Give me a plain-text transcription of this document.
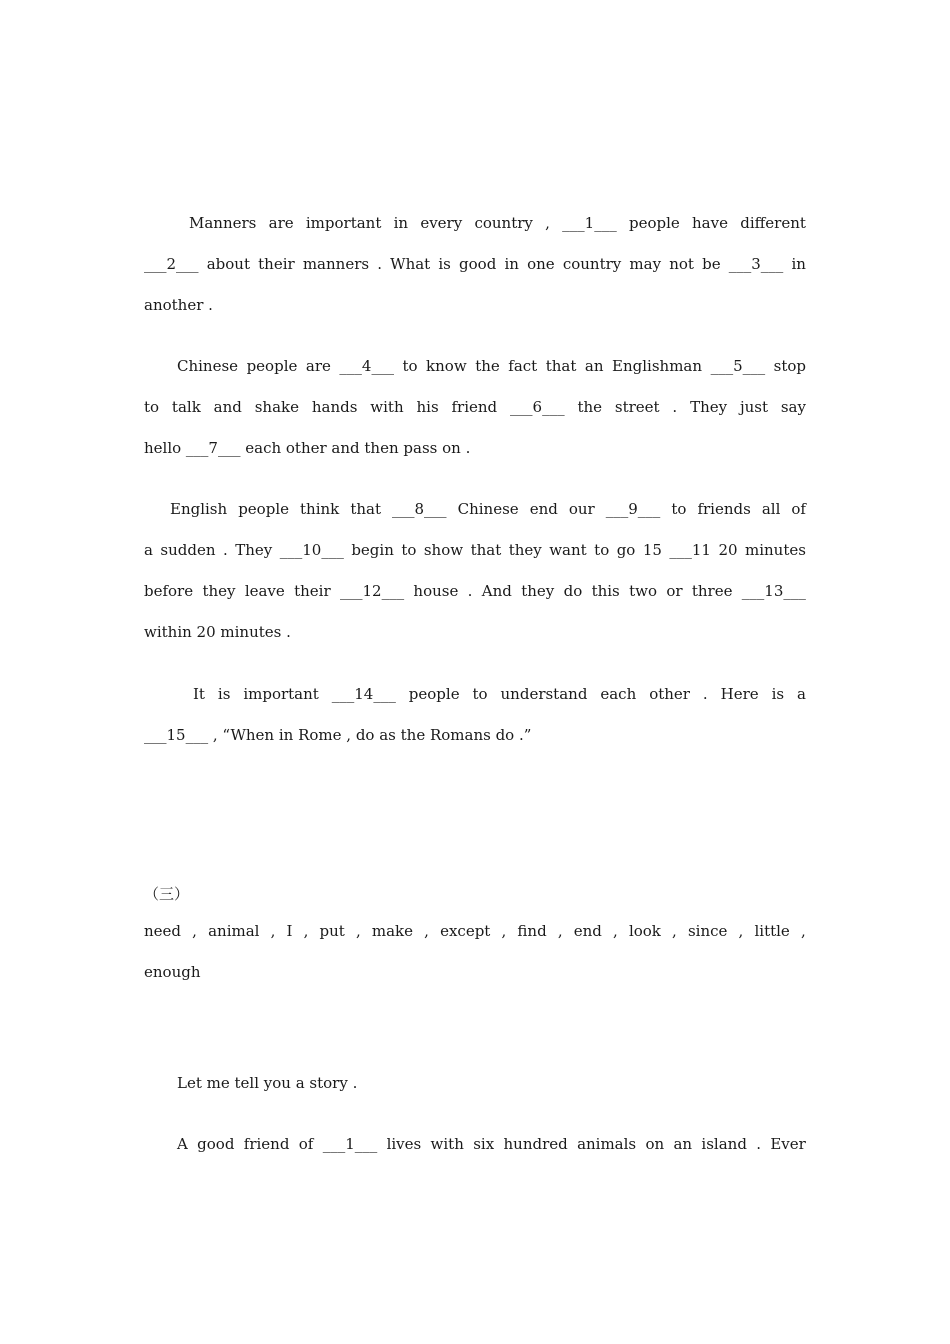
Manners are important in every country , ___1___ people have different
___2___ about their manners . What is good in one country may not be ___3___ in
another .
Chinese people are ___4___ to know the fact that an Englishman ___5___ stop
to talk and shake hands with his friend ___6___ the street . They just say
hello ___7___ each other and then pass on .
English people think that ___8___ Chinese end our ___9___ to friends all of
a sudden . They ___10___ begin to show that they want to go 15 ___11 20 minutes
before they leave their ___12___ house . And they do this two or three ___13___
within 20 minutes .
It is important ___14___ people to understand each other . Here is a
___15___ , “When in Rome , do as the Romans do .”
（三）
need , animal , I , put , make , except , find , end , look , since , little ,
enough
Let me tell you a story .
A good friend of ___1___ lives with six hundred animals on an island . Ever
